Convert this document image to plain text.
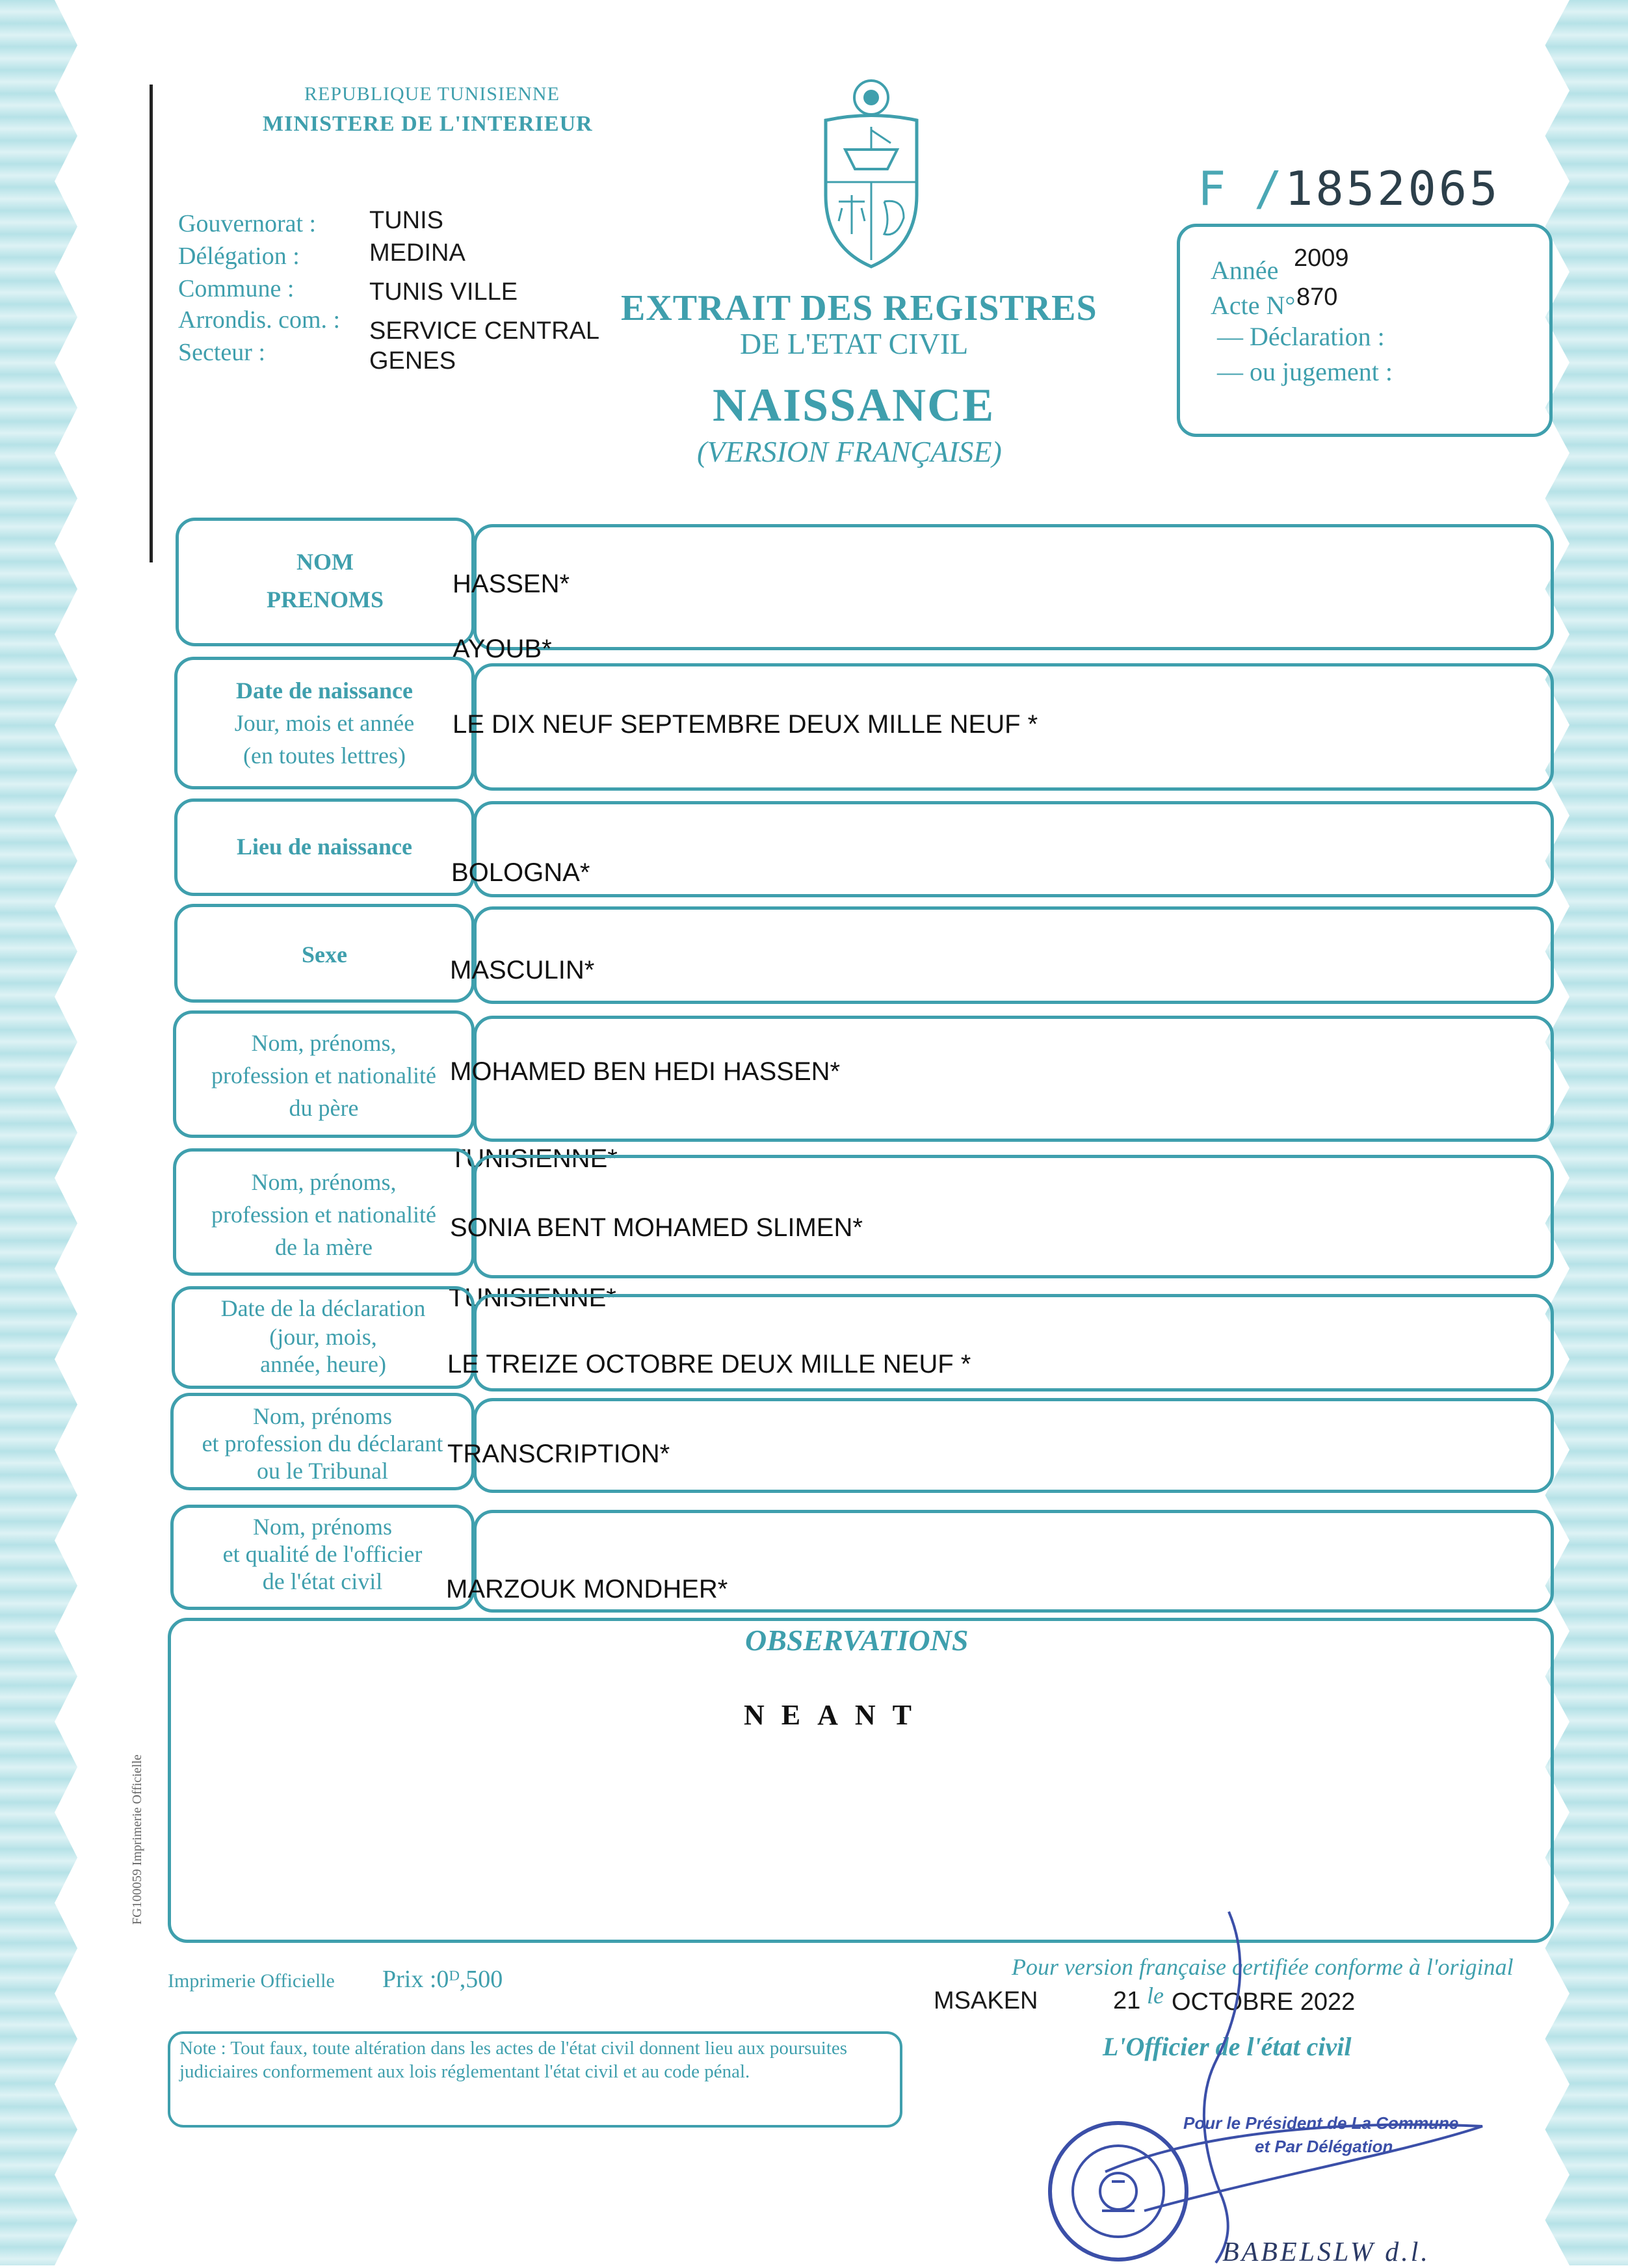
REPUBLIQUE TUNISIENNE
MINISTERE DE L'INTERIEUR
Gouvernorat : TUNIS
Délégation :	MEDINA
Commune :	TUNIS VILLE
Arrondis. com. : SERVICE CENTRAL
Secteur :	GENES
F / 1852065
Année 2009
Acte N° 870
— Déclaration :
— ou jugement :
EXTRAIT DES REGISTRES
DE L'ETAT CIVIL
NAISSANCE
(VERSION FRANÇAISE)
NOM
PRENOMS
HASSEN*
AYOUB*
Date de naissance
Jour, mois et année
(en toutes lettres)
LE DIX NEUF SEPTEMBRE DEUX MILLE NEUF *
Lieu de naissance
BOLOGNA*
Sexe
MASCULIN*
Nom, prénoms,
profession et nationalité
du père
MOHAMED BEN HEDI HASSEN*
TUNISIENNE*
Nom, prénoms,
profession et nationalité
de la mère
SONIA BENT MOHAMED SLIMEN*
TUNISIENNE*
Date de la déclaration
(jour, mois,
année, heure)	LE TREIZE OCTOBRE DEUX MILLE NEUF *
Nom, prénoms
et profession du déclarant
ou le Tribunal
TRANSCRIPTION*
Nom, prénoms
et qualité de l'officier
de l'état civil	MARZOUK MONDHER*
OBSERVATIONS
NEANT
FG100059 Imprimerie Officielle
Imprimerie Officielle Prix :0ᴰ,500	Pour version française certifiée conforme à l'original
MSAKEN	21 le OCTOBRE 2022
L'Officier de l'état civil
Note : Tout faux, toute altération dans les actes de l'état civil donnent lieu aux poursuites judiciaires conformement aux lois réglementant l'état civil et au code pénal.
Pour le Président de La Commune
et Par Délégation
BABELSLW d.l.
